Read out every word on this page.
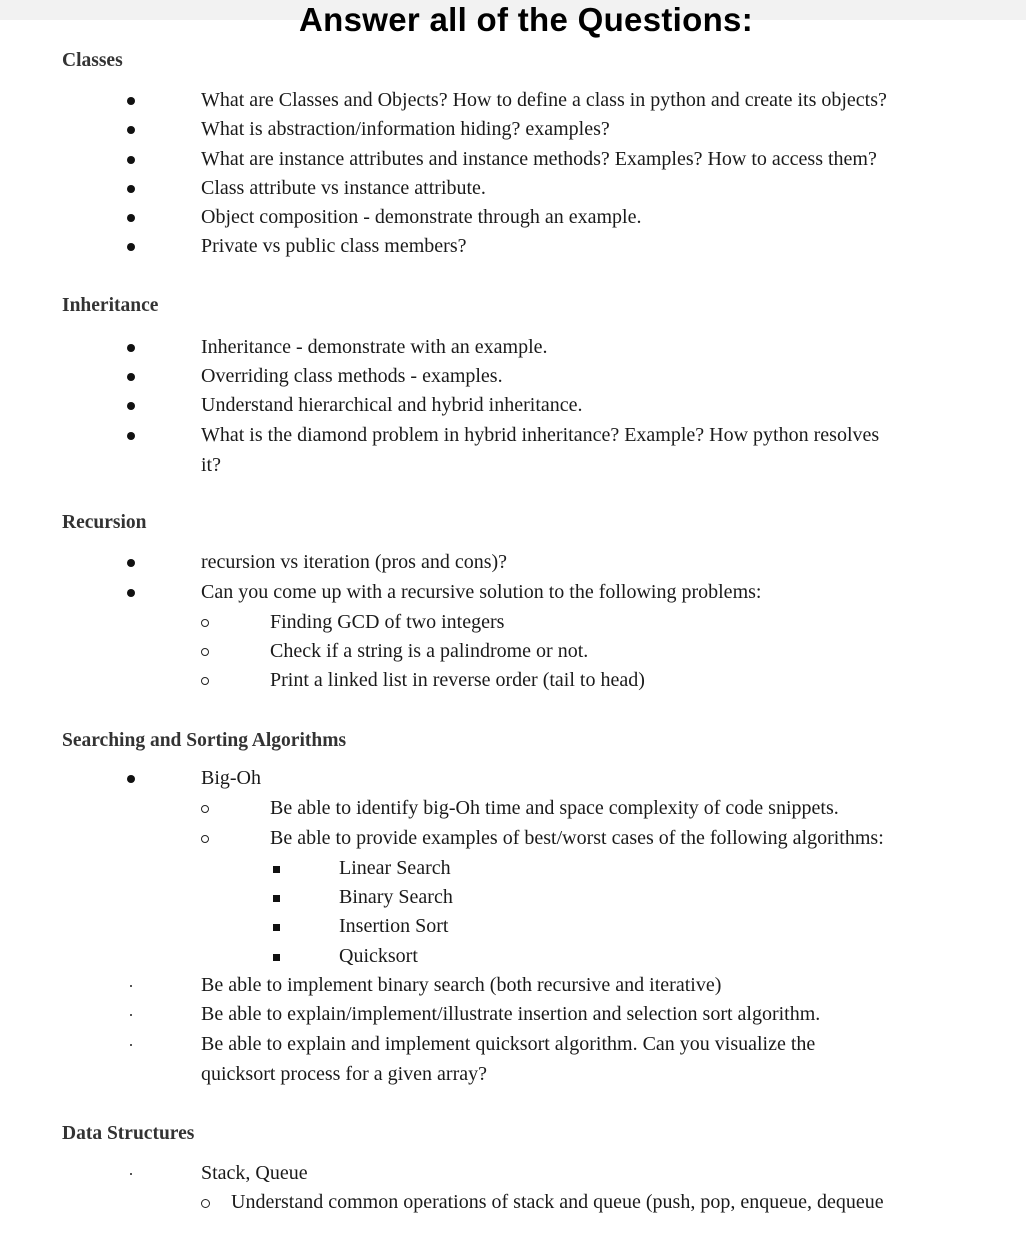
Answer all of the Questions:
Classes
What are Classes and Objects? How to define a class in python and create its objects?
What is abstraction/information hiding? examples?
What are instance attributes and instance methods? Examples? How to access them?
Class attribute vs instance attribute.
Object composition - demonstrate through an example.
Private vs public class members?
Inheritance
Inheritance - demonstrate with an example.
Overriding class methods - examples.
Understand hierarchical and hybrid inheritance.
What is the diamond problem in hybrid inheritance? Example? How python resolves
it?
Recursion
recursion vs iteration (pros and cons)?
Can you come up with a recursive solution to the following problems:
Finding GCD of two integers
Check if a string is a palindrome or not.
Print a linked list in reverse order (tail to head)
Searching and Sorting Algorithms
Big-Oh
Be able to identify big-Oh time and space complexity of code snippets.
Be able to provide examples of best/worst cases of the following algorithms:
Linear Search
Binary Search
Insertion Sort
Quicksort
Be able to implement binary search (both recursive and iterative)
Be able to explain/implement/illustrate insertion and selection sort algorithm.
Be able to explain and implement quicksort algorithm. Can you visualize the
quicksort process for a given array?
Data Structures
Stack, Queue
Understand common operations of stack and queue (push, pop, enqueue, dequeue
